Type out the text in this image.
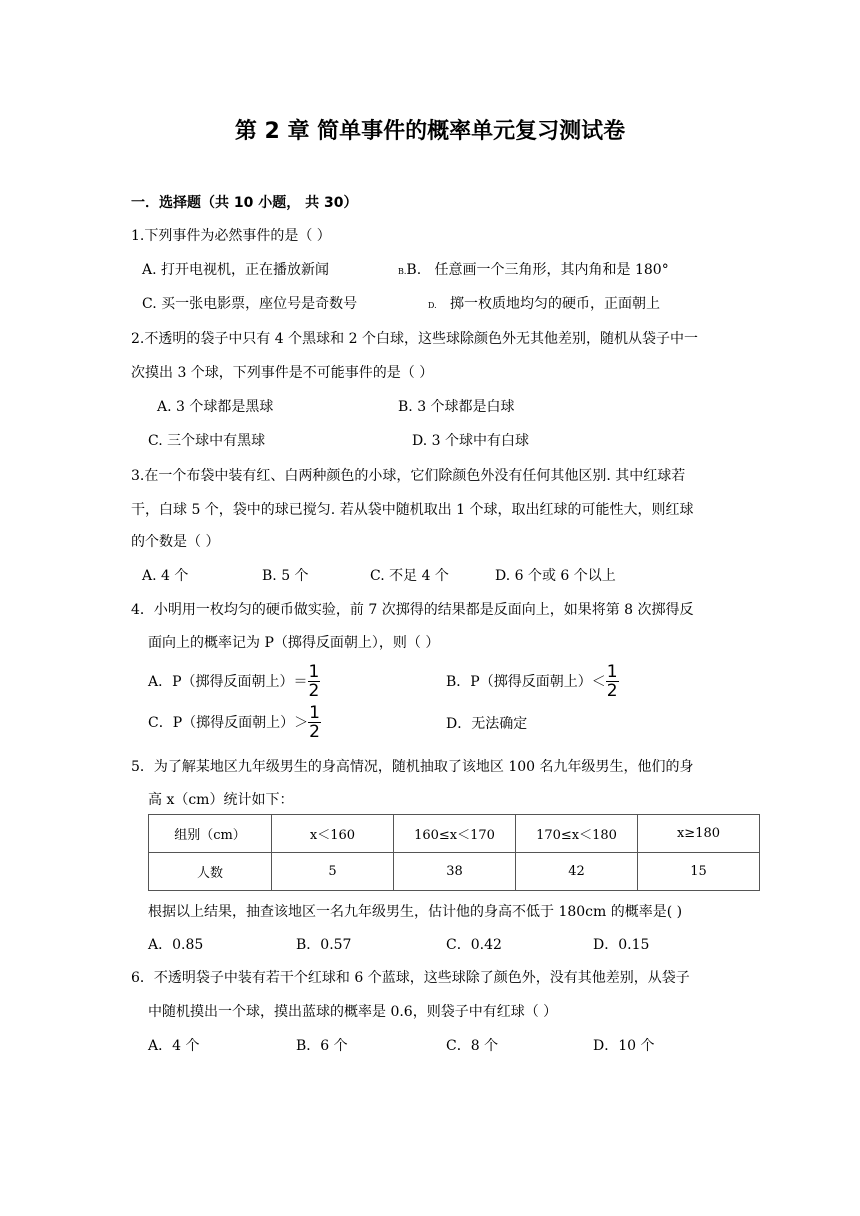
第 2 章 简单事件的概率单元复习测试卷
一．选择题（共 10 小题， 共 30）
1.下列事件为必然事件的是（ ）
A. 打开电视机，正在播放新闻	B.B. 任意画一个三角形，其内角和是 180°
C. 买一张电影票，座位号是奇数号	D. 掷一枚质地均匀的硬币，正面朝上
2.不透明的袋子中只有 4 个黑球和 2 个白球，这些球除颜色外无其他差别，随机从袋子中一
次摸出 3 个球，下列事件是不可能事件的是（ ）
A. 3 个球都是黑球	B. 3 个球都是白球
C. 三个球中有黑球	D. 3 个球中有白球
3.在一个布袋中装有红、白两种颜色的小球，它们除颜色外没有任何其他区别. 其中红球若
干，白球 5 个，袋中的球已搅匀. 若从袋中随机取出 1 个球，取出红球的可能性大，则红球
的个数是（ ）
A. 4 个	B. 5 个	C. 不足 4 个	D. 6 个或 6 个以上
4．小明用一枚均匀的硬币做实验，前 7 次掷得的结果都是反面向上，如果将第 8 次掷得反
面向上的概率记为 P（掷得反面朝上），则（ ）
A．P（掷得反面朝上）＝ $\frac{1}{2}$	B．P（掷得反面朝上）＜ $\frac{1}{2}$
C．P（掷得反面朝上）＞ $\frac{1}{2}$	D．无法确定
5．为了解某地区九年级男生的身高情况，随机抽取了该地区 100 名九年级男生，他们的身
高 x（cm）统计如下：
组别（cm）	x＜160	160≤x＜170	170≤x＜180	x≥180
人数	5	38	42	15
根据以上结果，抽查该地区一名九年级男生，估计他的身高不低于 180cm 的概率是( )
A．0.85	B．0.57	C．0.42	D．0.15
6．不透明袋子中装有若干个红球和 6 个蓝球，这些球除了颜色外，没有其他差别，从袋子
中随机摸出一个球，摸出蓝球的概率是 0.6，则袋子中有红球（ ）
A．4 个	B．6 个	C．8 个	D．10 个
